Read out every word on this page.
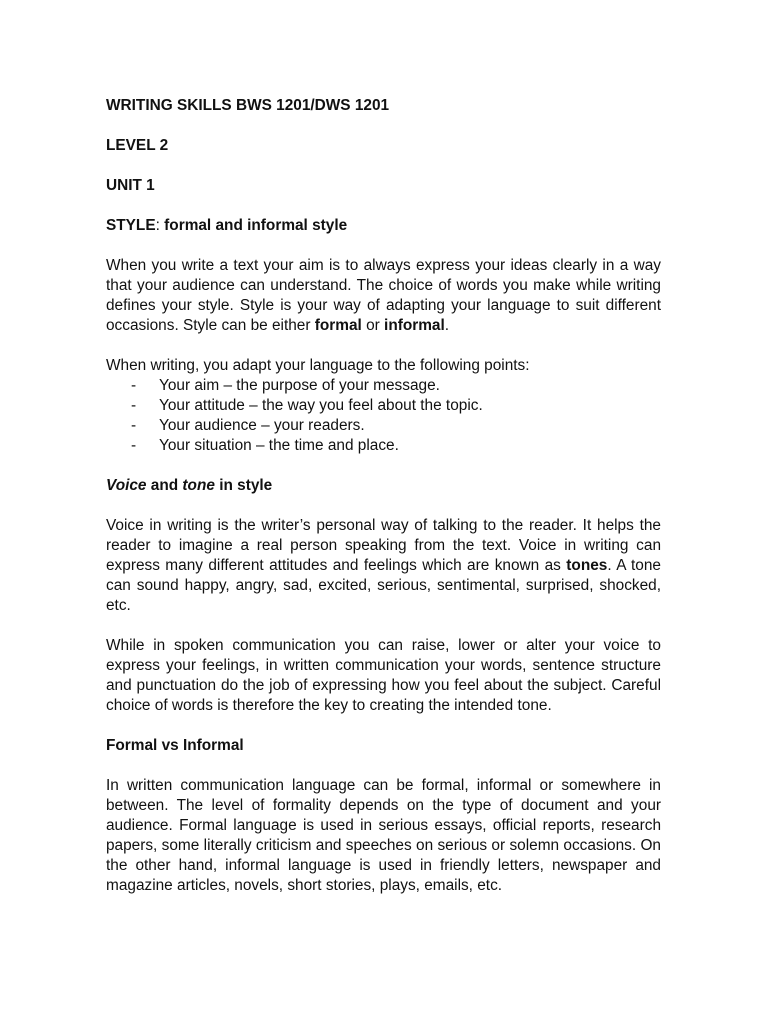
WRITING SKILLS BWS 1201/DWS 1201

LEVEL 2

UNIT 1

STYLE: formal and informal style

When you write a text your aim is to always express your ideas clearly in a way that your audience can understand. The choice of words you make while writing defines your style. Style is your way of adapting your language to suit different occasions. Style can be either formal or informal.

When writing, you adapt your language to the following points:

- Your aim – the purpose of your message.
- Your attitude – the way you feel about the topic.
- Your audience – your readers.
- Your situation – the time and place.

Voice and tone in style

Voice in writing is the writer’s personal way of talking to the reader. It helps the reader to imagine a real person speaking from the text. Voice in writing can express many different attitudes and feelings which are known as tones. A tone can sound happy, angry, sad, excited, serious, sentimental, surprised, shocked, etc.

While in spoken communication you can raise, lower or alter your voice to express your feelings, in written communication your words, sentence structure and punctuation do the job of expressing how you feel about the subject. Careful choice of words is therefore the key to creating the intended tone.

Formal vs Informal

In written communication language can be formal, informal or somewhere in between. The level of formality depends on the type of document and your audience. Formal language is used in serious essays, official reports, research papers, some literally criticism and speeches on serious or solemn occasions. On the other hand, informal language is used in friendly letters, newspaper and magazine articles, novels, short stories, plays, emails, etc.
